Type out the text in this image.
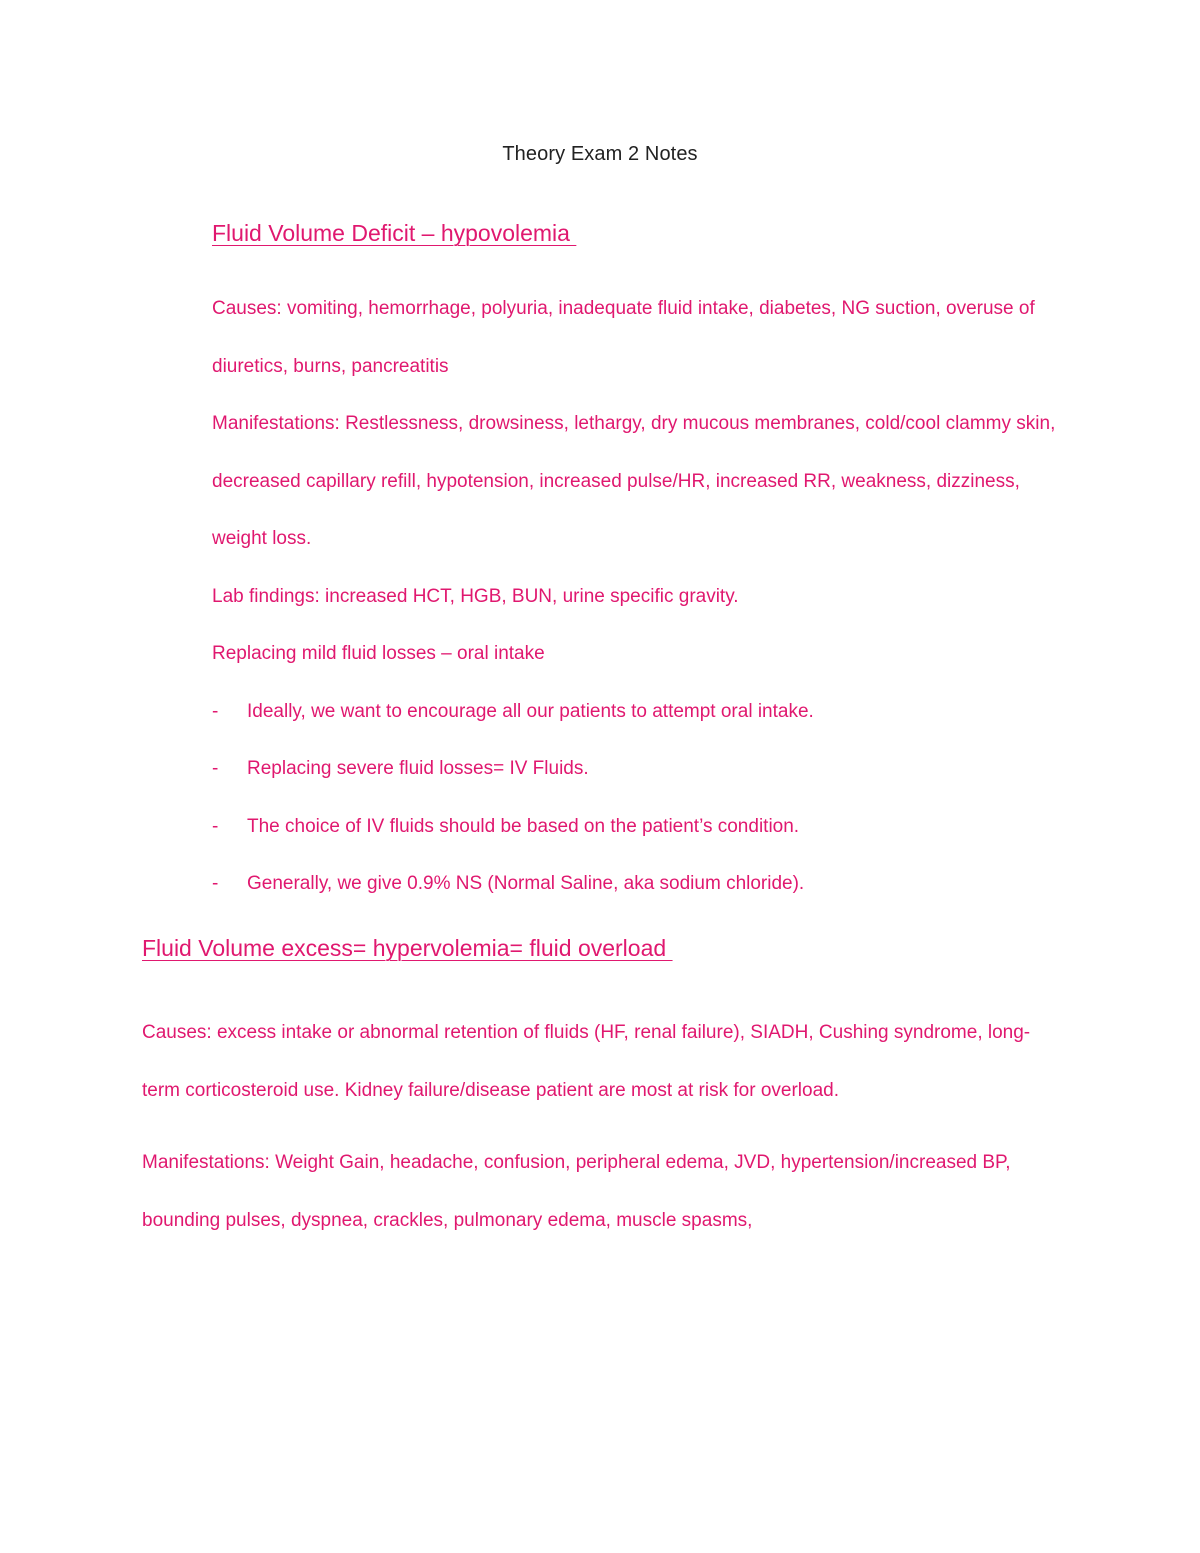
Theory Exam 2 Notes

Fluid Volume Deficit – hypovolemia

Causes: vomiting, hemorrhage, polyuria, inadequate fluid intake, diabetes, NG suction, overuse of diuretics, burns, pancreatitis

Manifestations: Restlessness, drowsiness, lethargy, dry mucous membranes, cold/cool clammy skin, decreased capillary refill, hypotension, increased pulse/HR, increased RR, weakness, dizziness, weight loss.

Lab findings: increased HCT, HGB, BUN, urine specific gravity.

Replacing mild fluid losses – oral intake

- Ideally, we want to encourage all our patients to attempt oral intake.
- Replacing severe fluid losses= IV Fluids.
- The choice of IV fluids should be based on the patient’s condition.
- Generally, we give 0.9% NS (Normal Saline, aka sodium chloride).

Fluid Volume excess= hypervolemia= fluid overload

Causes: excess intake or abnormal retention of fluids (HF, renal failure), SIADH, Cushing syndrome, long-term corticosteroid use. Kidney failure/disease patient are most at risk for overload.

Manifestations: Weight Gain, headache, confusion, peripheral edema, JVD, hypertension/increased BP, bounding pulses, dyspnea, crackles, pulmonary edema, muscle spasms,
